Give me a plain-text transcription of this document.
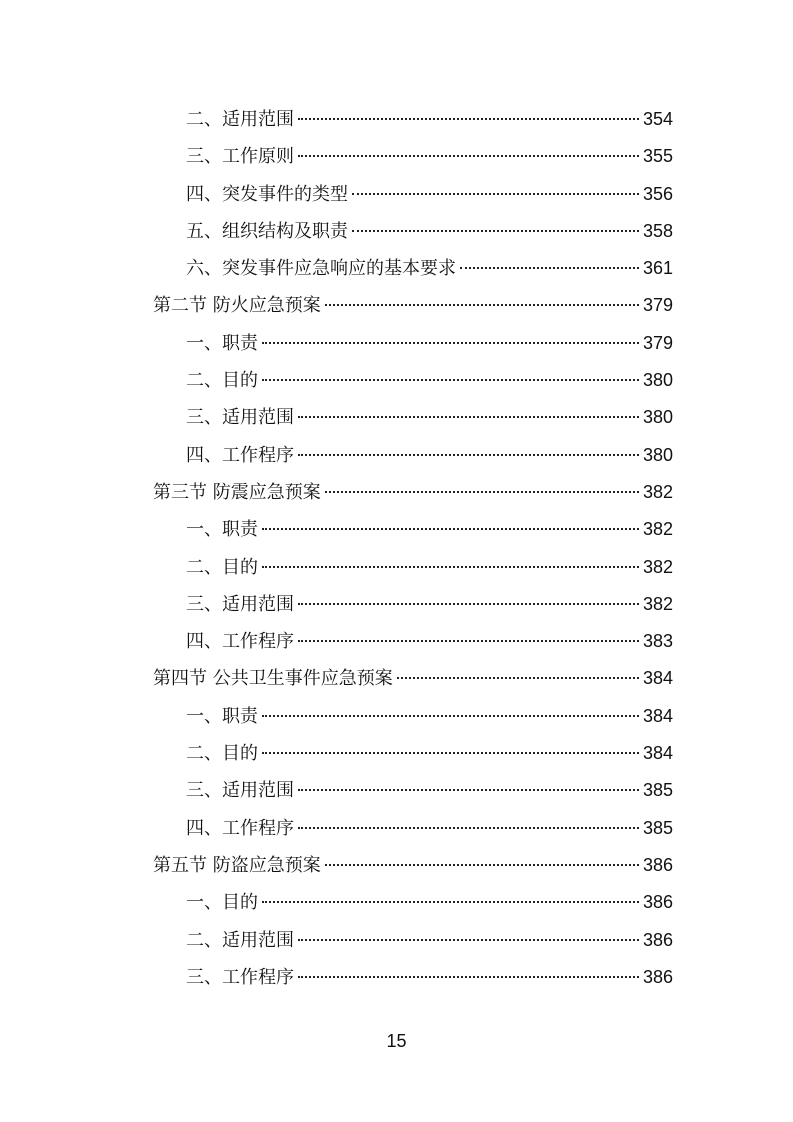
二、适用范围	354
三、工作原则	355
四、突发事件的类型	356
五、组织结构及职责	358
六、突发事件应急响应的基本要求	361
第二节 防火应急预案	379
一、职责	379
二、目的	380
三、适用范围	380
四、工作程序	380
第三节 防震应急预案	382
一、职责	382
二、目的	382
三、适用范围	382
四、工作程序	383
第四节 公共卫生事件应急预案	384
一、职责	384
二、目的	384
三、适用范围	385
四、工作程序	385
第五节 防盗应急预案	386
一、目的	386
二、适用范围	386
三、工作程序	386
15
